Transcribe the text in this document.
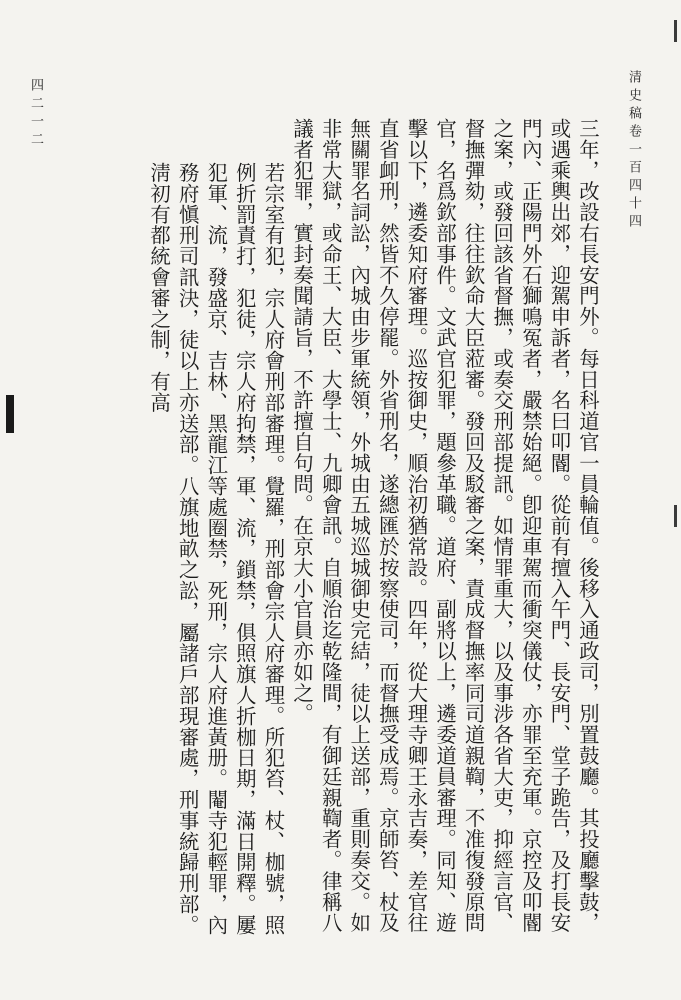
清史稿卷一百四十四
四二一二

三年，改設右長安門外。每日科道官一員輪值。後移入通政司，別置鼓廳。其投廳擊鼓，或遇乘輿出郊，迎駕申訴者，名曰叩閽。從前有擅入午門、長安門、堂子跪告，及打長安門內、正陽門外石獅鳴冤者，嚴禁始絕。卽迎車駕而衝突儀仗，亦罪至充軍。京控及叩閽之案，或發回該省督撫，或奏交刑部提訊。如情罪重大，以及事涉各省大吏，抑經言官、督撫彈劾，往往欽命大臣蒞審。發回及駁審之案，責成督撫率同司道親鞫，不准復發原問官，名爲欽部事件。文武官犯罪，題參革職。道府、副將以上，遴委道員審理。同知、遊擊以下，遴委知府審理。巡按御史，順治初猶常設。四年，從大理寺卿王永吉奏，差官往直省卹刑，然皆不久停罷。外省刑名，遂總匯於按察使司，而督撫受成焉。京師笞、杖及無關罪名詞訟，內城由步軍統領，外城由五城巡城御史完結，徒以上送部，重則奏交。如非常大獄，或命王、大臣、大學士、九卿會訊。自順治迄乾隆間，有御廷親鞫者。律稱八議者犯罪，實封奏聞請旨，不許擅自句問。在京大小官員亦如之。

若宗室有犯，宗人府會刑部審理。覺羅，刑部會宗人府審理。所犯笞、杖、枷號，照例折罰責打，犯徒，宗人府拘禁，軍、流，鎖禁，俱照旗人折枷日期，滿日開釋。屢犯軍、流，發盛京、吉林、黑龍江等處圈禁，死刑，宗人府進黃册。閹寺犯輕罪，內務府愼刑司訊決，徒以上亦送部。八旗地畝之訟，屬諸戶部現審處，刑事統歸刑部。淸初有都統會審之制，有高
